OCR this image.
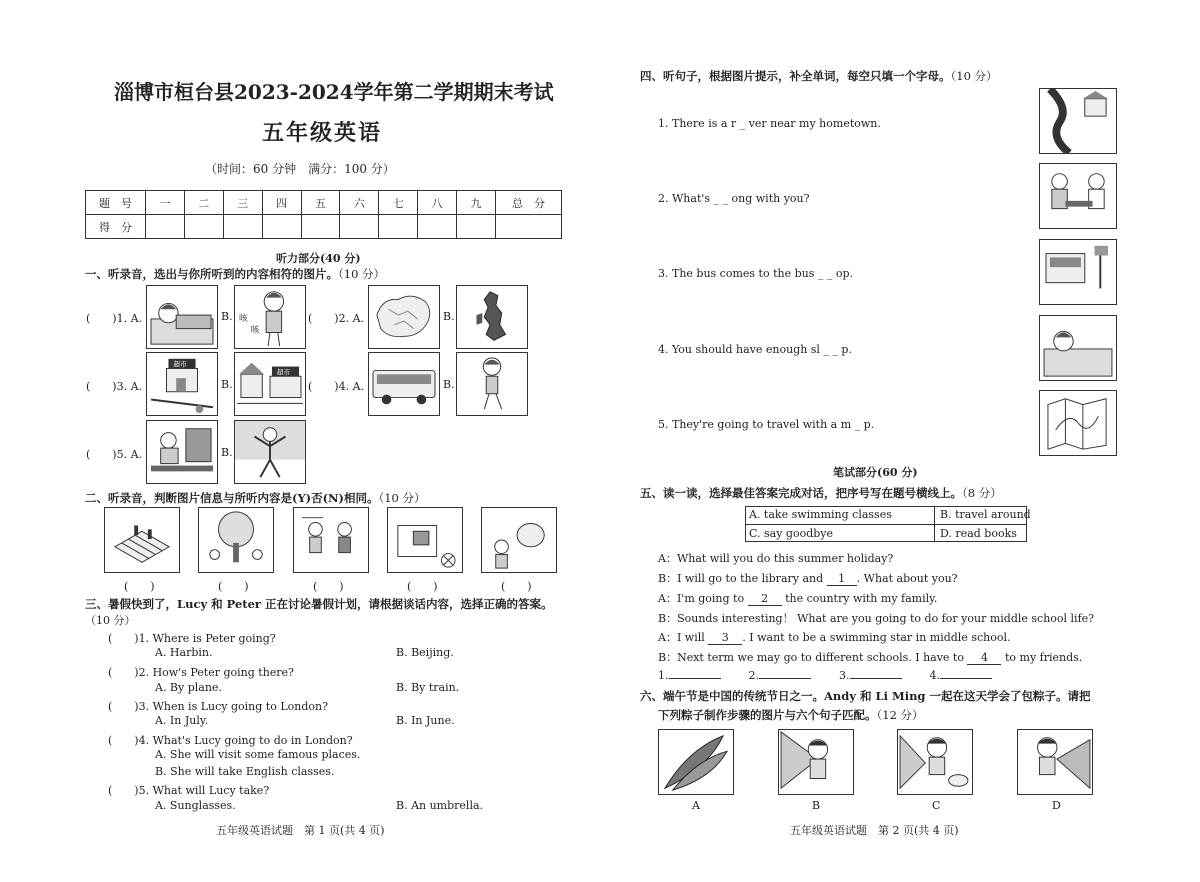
淄博市桓台县2023-2024学年第二学期期末考试
五年级英语
（时间：60 分钟　满分：100 分）
题　号	一	二	三	四	五	六	七	八	九	总　分
得　分										
听力部分(40 分)
一、听录音，选出与你所听到的内容相符的图片。（10 分）
(　　)1. A.	B. 咳
咳
(　　)2. A.	B.
(　　)3. A.
超市
B.
超市
(　　)4. A.	B.
(　　)5. A.	B.
二、听录音，判断图片信息与所听内容是(Y)否(N)相同。（10 分）
(　　)	(　　)	(　　)	(　　)	(　　)
三、暑假快到了，Lucy 和 Peter 正在讨论暑假计划，请根据谈话内容，选择正确的答案。
（10 分）
(　　)1. Where is Peter going?
A. Harbin.	B. Beijing.
(　　)2. How's Peter going there?
A. By plane.	B. By train.
(　　)3. When is Lucy going to London?
A. In July.	B. In June.
(　　)4. What's Lucy going to do in London?
A. She will visit some famous places.
B. She will take English classes.
(　　)5. What will Lucy take?
A. Sunglasses.	B. An umbrella.
五年级英语试题　第 1 页(共 4 页)
四、听句子，根据图片提示，补全单词，每空只填一个字母。（10 分）
1. There is a r _ ver near my hometown.
2. What's _ _ ong with you?
3. The bus comes to the bus _ _ op.
4. You should have enough sl _ _ p.
5. They're going to travel with a m _ p.
笔试部分(60 分)
五、读一读，选择最佳答案完成对话，把序号写在题号横线上。（8 分）
A. take swimming classes	B. travel around
C. say goodbye	D. read books
A：What will you do this summer holiday?
B：I will go to the library and 1 . What about you?
A：I'm going to 2 the country with my family.
B：Sounds interesting！ What are you going to do for your middle school life?
A：I will 3 . I want to be a swimming star in middle school.
B：Next term we may go to different schools. I have to 4 to my friends.
1.	2.	3.	4.
六、端午节是中国的传统节日之一。Andy 和 Li Ming 一起在这天学会了包粽子。请把
下列粽子制作步骤的图片与六个句子匹配。（12 分）
A	B	C	D
五年级英语试题　第 2 页(共 4 页)
